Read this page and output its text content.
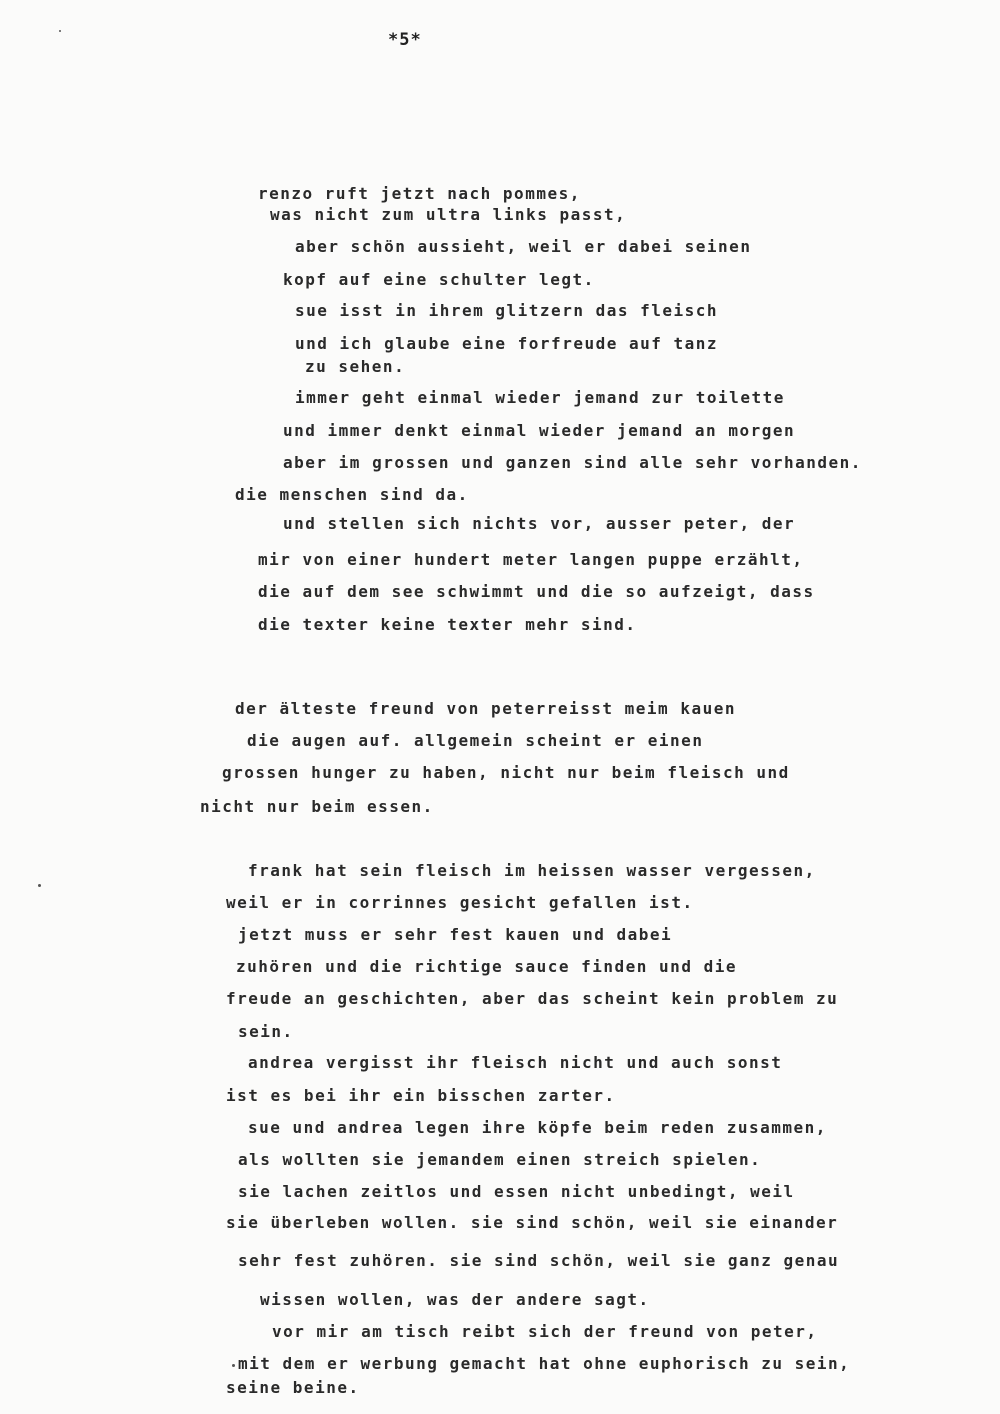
*5*
renzo ruft jetzt nach pommes,
was nicht zum ultra links passt,
aber schön aussieht, weil er dabei seinen
kopf auf eine schulter legt.
sue isst in ihrem glitzern das fleisch
und ich glaube eine forfreude auf tanz
zu sehen.
immer geht einmal wieder jemand zur toilette
und immer denkt einmal wieder jemand an morgen
aber im grossen und ganzen sind alle sehr vorhanden.
die menschen sind da.
und stellen sich nichts vor, ausser peter, der
mir von einer hundert meter langen puppe erzählt,
die auf dem see schwimmt und die so aufzeigt, dass
die texter keine texter mehr sind.
der älteste freund von peterreisst meim kauen
die augen auf. allgemein scheint er einen
grossen hunger zu haben, nicht nur beim fleisch und
nicht nur beim essen.
frank hat sein fleisch im heissen wasser vergessen,
weil er in corrinnes gesicht gefallen ist.
jetzt muss er sehr fest kauen und dabei
zuhören und die richtige sauce finden und die
freude an geschichten, aber das scheint kein problem zu
sein.
andrea vergisst ihr fleisch nicht und auch sonst
ist es bei ihr ein bisschen zarter.
sue und andrea legen ihre köpfe beim reden zusammen,
als wollten sie jemandem einen streich spielen.
sie lachen zeitlos und essen nicht unbedingt, weil
sie überleben wollen. sie sind schön, weil sie einander
sehr fest zuhören. sie sind schön, weil sie ganz genau
wissen wollen, was der andere sagt.
vor mir am tisch reibt sich der freund von peter,
mit dem er werbung gemacht hat ohne euphorisch zu sein,
seine beine.
